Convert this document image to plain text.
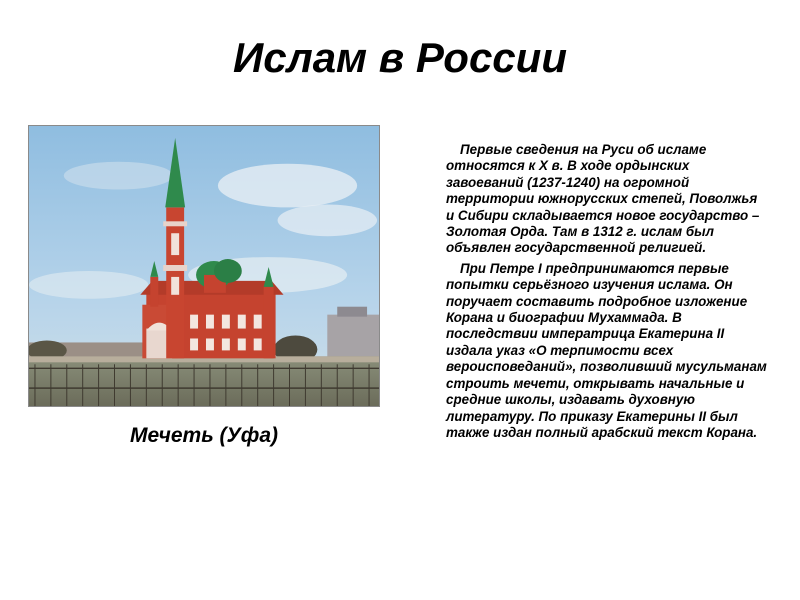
Ислам в России

Мечеть (Уфа)

Первые сведения на Руси об исламе относятся к X в. В ходе ордынских завоеваний (1237-1240) на огромной территории южнорусских степей, Поволжья и Сибири складывается новое государство – Золотая Орда. Там в 1312 г. ислам был объявлен государственной религией.

При Петре I предпринимаются первые попытки серьёзного изучения ислама. Он поручает составить подробное изложение Корана и биографии Мухаммада. В последствии императрица Екатерина II издала указ «О терпимости всех вероисповеданий», позволивший мусульманам строить мечети, открывать начальные и средние школы, издавать духовную литературу. По приказу Екатерины II был также издан полный арабский текст Корана.
